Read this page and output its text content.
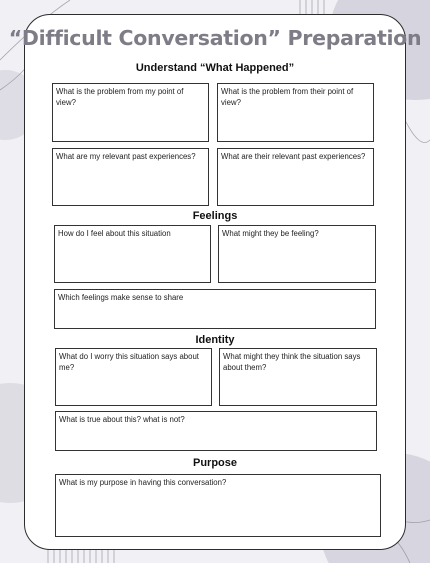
“Difficult Conversation” Preparation
Understand “What Happened”
What is the problem from my point of view?
What is the problem from their point of view?
What are my relevant past experiences?	What are their relevant past experiences?
Feelings
How do I feel about this situation	What might they be feeling?
Which feelings make sense to share
Identity
What do I worry this situation says about me?
What might they think the situation says about them?
What is true about this? what is not?
Purpose
What is my purpose in having this conversation?
